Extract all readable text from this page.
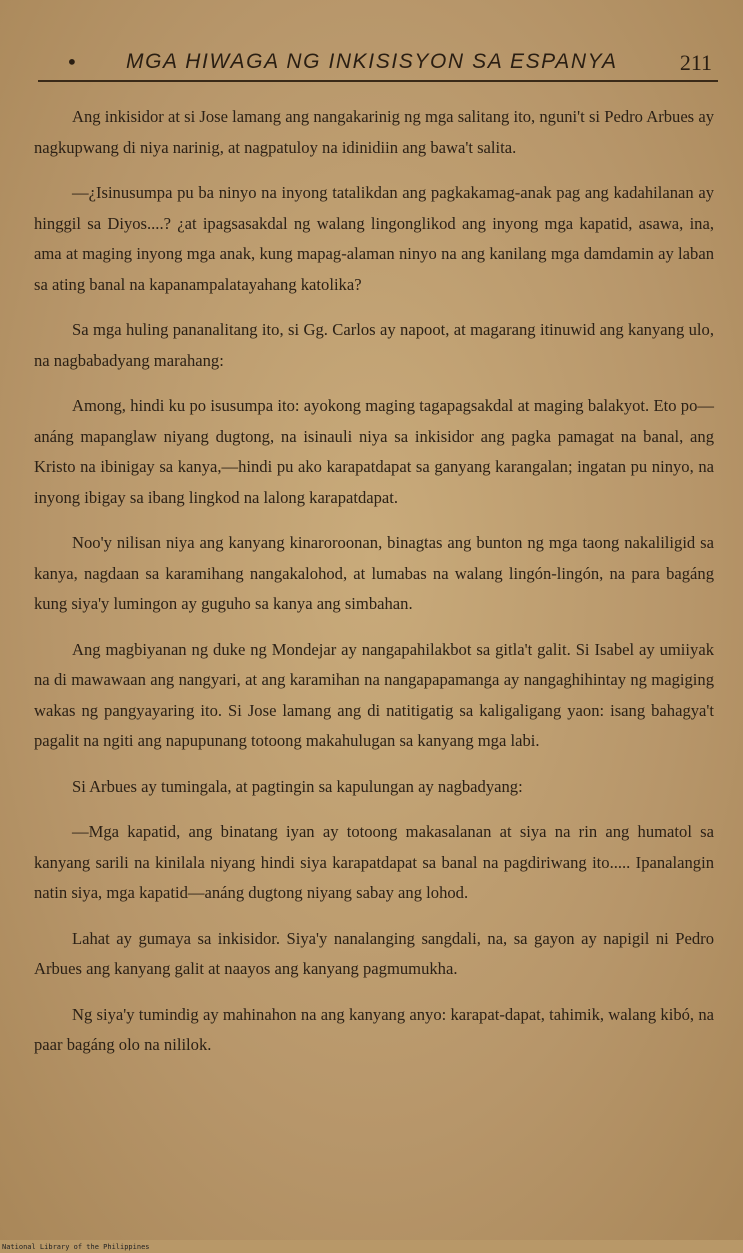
• MGA HIWAGA NG INKISISYON SA ESPANYA	211

Ang inkisidor at si Jose lamang ang nangakarinig ng mga salitang ito, nguni't si Pedro Arbues ay nagkupwang di niya narinig, at nagpatuloy na idinidiin ang bawa't salita.

—¿Isinusumpa pu ba ninyo na inyong tatalikdan ang pagkakamag-anak pag ang kadahilanan ay hinggil sa Diyos....? ¿at ipagsasakdal ng walang lingonglikod ang inyong mga kapatid, asawa, ina, ama at maging inyong mga anak, kung mapag-alaman ninyo na ang kanilang mga damdamin ay laban sa ating banal na kapanampalatayahang katolika?

Sa mga huling pananalitang ito, si Gg. Carlos ay napoot, at magarang itinuwid ang kanyang ulo, na nagbabadyang marahang:

Among, hindi ku po isusumpa ito: ayokong maging tagapagsakdal at maging balakyot. Eto po—anáng mapanglaw niyang dugtong, na isinauli niya sa inkisidor ang pagka pamagat na banal, ang Kristo na ibinigay sa kanya,—hindi pu ako karapatdapat sa ganyang karangalan; ingatan pu ninyo, na inyong ibigay sa ibang lingkod na lalong karapatdapat.

Noo'y nilisan niya ang kanyang kinaroroonan, binagtas ang bunton ng mga taong nakaliligid sa kanya, nagdaan sa karamihang nangakalohod, at lumabas na walang lingón-lingón, na para bagáng kung siya'y lumingon ay guguho sa kanya ang simbahan.

Ang magbiyanan ng duke ng Mondejar ay nangapahilakbot sa gitla't galit. Si Isabel ay umiiyak na di mawawaan ang nangyari, at ang karamihan na nangapapamanga ay nangaghihintay ng magiging wakas ng pangyayaring ito. Si Jose lamang ang di natitigatig sa kaligaligang yaon: isang bahagya't pagalit na ngiti ang napupunang totoong makahulugan sa kanyang mga labi.

Si Arbues ay tumingala, at pagtingin sa kapulungan ay nagbadyang:

—Mga kapatid, ang binatang iyan ay totoong makasalanan at siya na rin ang humatol sa kanyang sarili na kinilala niyang hindi siya karapatdapat sa banal na pagdiriwang ito..... Ipanalangin natin siya, mga kapatid—anáng dugtong niyang sabay ang lohod.

Lahat ay gumaya sa inkisidor. Siya'y nanalanging sangdali, na, sa gayon ay napigil ni Pedro Arbues ang kanyang galit at naayos ang kanyang pagmumukha.

Ng siya'y tumindig ay mahinahon na ang kanyang anyo: karapat-dapat, tahimik, walang kibó, na paar bagáng olo na nililok.

National Library of the Philippines
